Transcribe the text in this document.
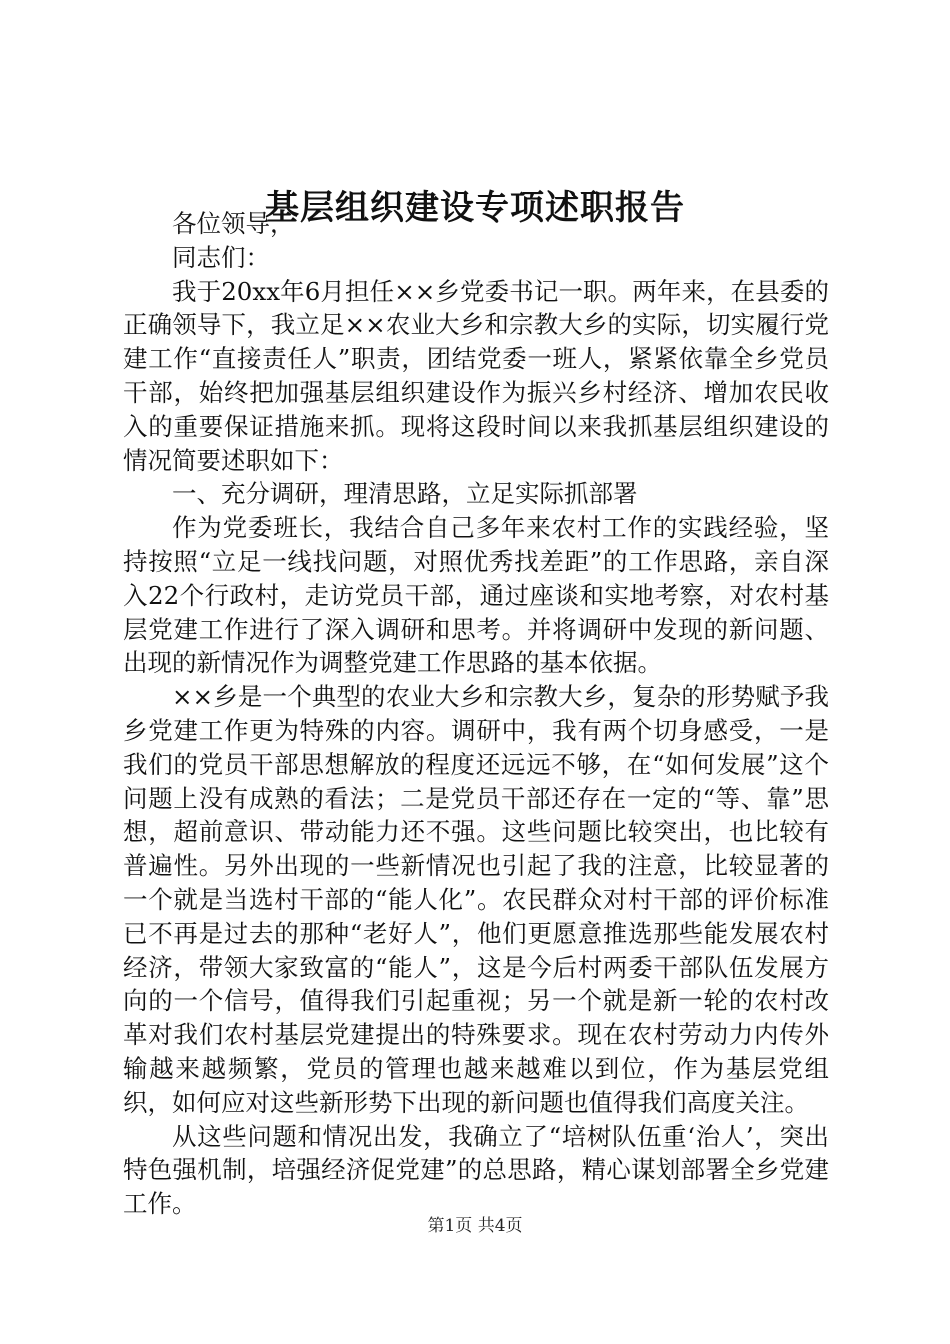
基层组织建设专项述职报告

各位领导，

同志们：

我于20xx年6月担任××乡党委书记一职。两年来，在县委的正确领导下，我立足××农业大乡和宗教大乡的实际，切实履行党建工作“直接责任人”职责，团结党委一班人，紧紧依靠全乡党员干部，始终把加强基层组织建设作为振兴乡村经济、增加农民收入的重要保证措施来抓。现将这段时间以来我抓基层组织建设的情况简要述职如下：

一、充分调研，理清思路，立足实际抓部署

作为党委班长，我结合自己多年来农村工作的实践经验，坚持按照“立足一线找问题，对照优秀找差距”的工作思路，亲自深入22个行政村，走访党员干部，通过座谈和实地考察，对农村基层党建工作进行了深入调研和思考。并将调研中发现的新问题、出现的新情况作为调整党建工作思路的基本依据。

××乡是一个典型的农业大乡和宗教大乡，复杂的形势赋予我乡党建工作更为特殊的内容。调研中，我有两个切身感受，一是我们的党员干部思想解放的程度还远远不够，在“如何发展”这个问题上没有成熟的看法；二是党员干部还存在一定的“等、靠”思想，超前意识、带动能力还不强。这些问题比较突出，也比较有普遍性。另外出现的一些新情况也引起了我的注意，比较显著的一个就是当选村干部的“能人化”。农民群众对村干部的评价标准已不再是过去的那种“老好人”，他们更愿意推选那些能发展农村经济，带领大家致富的“能人”，这是今后村两委干部队伍发展方向的一个信号，值得我们引起重视；另一个就是新一轮的农村改革对我们农村基层党建提出的特殊要求。现在农村劳动力内传外输越来越频繁，党员的管理也越来越难以到位，作为基层党组织，如何应对这些新形势下出现的新问题也值得我们高度关注。

从这些问题和情况出发，我确立了“培树队伍重‘治人’，突出特色强机制，培强经济促党建”的总思路，精心谋划部署全乡党建工作。

第1页 共4页
